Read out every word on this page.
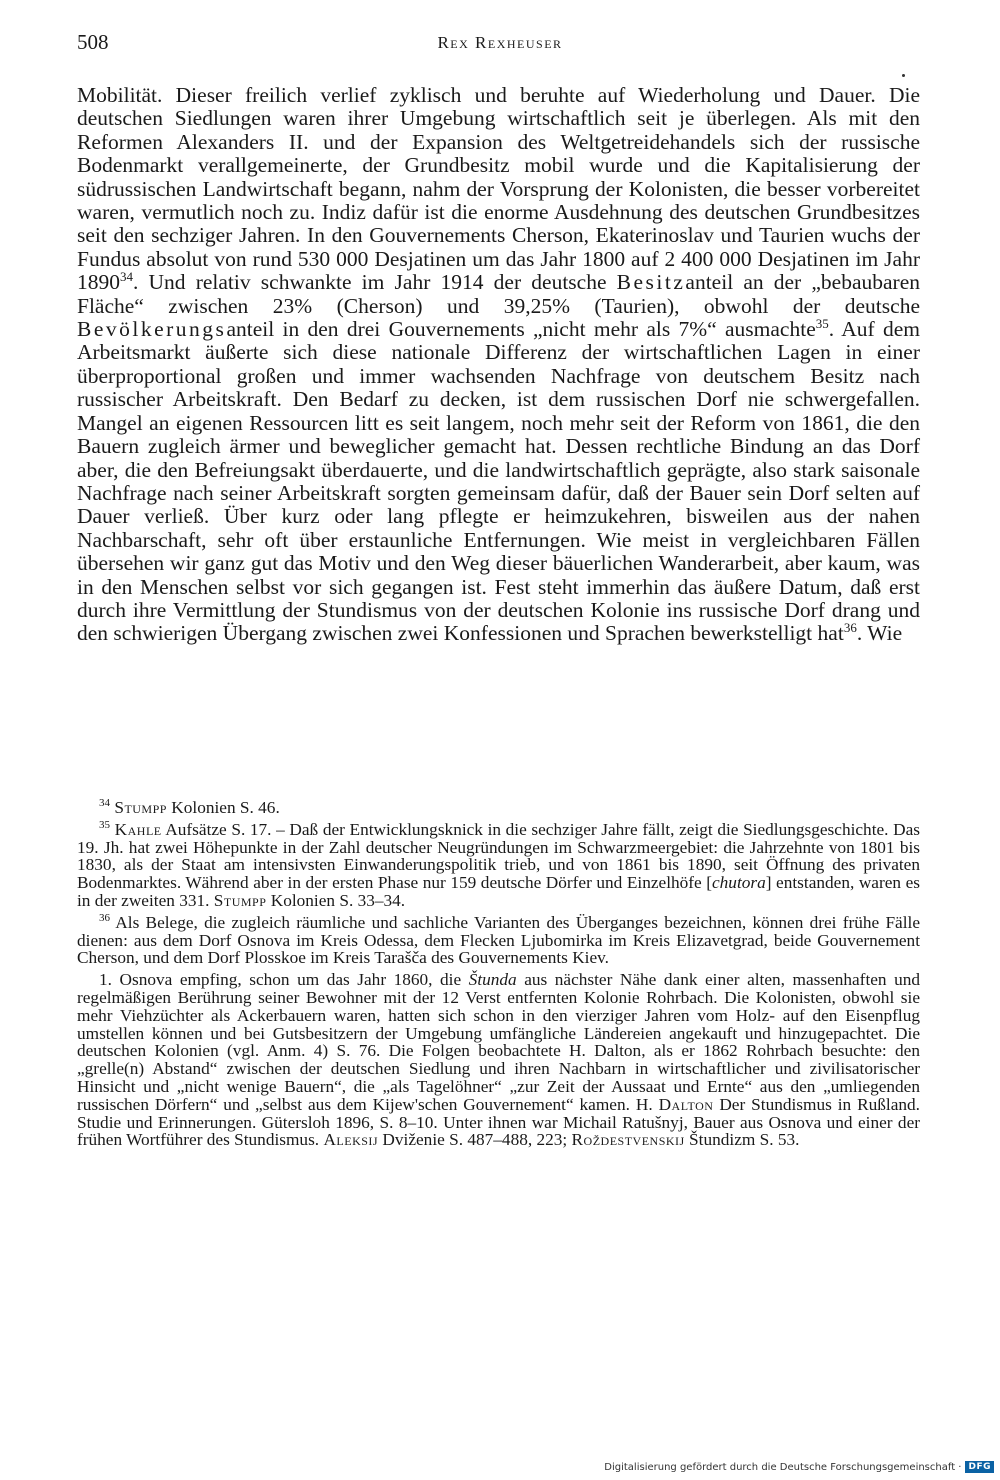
508	Rex Rexheuser

Mobilität. Dieser freilich verlief zyklisch und beruhte auf Wiederholung und Dauer. Die deutschen Siedlungen waren ihrer Umgebung wirtschaftlich seit je überlegen. Als mit den Reformen Alexanders II. und der Expansion des Weltgetreidehandels sich der russische Bodenmarkt verallgemeinerte, der Grundbesitz mobil wurde und die Kapitalisierung der südrussischen Landwirtschaft begann, nahm der Vorsprung der Kolonisten, die besser vorbereitet waren, vermutlich noch zu. Indiz dafür ist die enorme Ausdehnung des deutschen Grundbesitzes seit den sechziger Jahren. In den Gouvernements Cherson, Ekaterinoslav und Taurien wuchs der Fundus absolut von rund 530 000 Desjatinen um das Jahr 1800 auf 2 400 000 Desjatinen im Jahr 1890$^{34}$. Und relativ schwankte im Jahr 1914 der deutsche Besitzanteil an der „bebaubaren Fläche“ zwischen 23% (Cherson) und 39,25% (Taurien), obwohl der deutsche Bevölkerungsanteil in den drei Gouvernements „nicht mehr als 7%“ ausmachte$^{35}$. Auf dem Arbeitsmarkt äußerte sich diese nationale Differenz der wirtschaftlichen Lagen in einer überproportional großen und immer wachsenden Nachfrage von deutschem Besitz nach russischer Arbeitskraft. Den Bedarf zu decken, ist dem russischen Dorf nie schwergefallen. Mangel an eigenen Ressourcen litt es seit langem, noch mehr seit der Reform von 1861, die den Bauern zugleich ärmer und beweglicher gemacht hat. Dessen rechtliche Bindung an das Dorf aber, die den Befreiungsakt überdauerte, und die landwirtschaftlich geprägte, also stark saisonale Nachfrage nach seiner Arbeitskraft sorgten gemeinsam dafür, daß der Bauer sein Dorf selten auf Dauer verließ. Über kurz oder lang pflegte er heimzukehren, bisweilen aus der nahen Nachbarschaft, sehr oft über erstaunliche Entfernungen. Wie meist in vergleichbaren Fällen übersehen wir ganz gut das Motiv und den Weg dieser bäuerlichen Wanderarbeit, aber kaum, was in den Menschen selbst vor sich gegangen ist. Fest steht immerhin das äußere Datum, daß erst durch ihre Vermittlung der Stundismus von der deutschen Kolonie ins russische Dorf drang und den schwierigen Übergang zwischen zwei Konfessionen und Sprachen bewerkstelligt hat$^{36}$. Wie

$^{34}$ Stumpp Kolonien S. 46.

$^{35}$ Kahle Aufsätze S. 17. – Daß der Entwicklungsknick in die sechziger Jahre fällt, zeigt die Siedlungsgeschichte. Das 19. Jh. hat zwei Höhepunkte in der Zahl deutscher Neugründungen im Schwarzmeergebiet: die Jahrzehnte von 1801 bis 1830, als der Staat am intensivsten Einwanderungspolitik trieb, und von 1861 bis 1890, seit Öffnung des privaten Bodenmarktes. Während aber in der ersten Phase nur 159 deutsche Dörfer und Einzelhöfe [chutora] entstanden, waren es in der zweiten 331. Stumpp Kolonien S. 33–34.

$^{36}$ Als Belege, die zugleich räumliche und sachliche Varianten des Überganges bezeichnen, können drei frühe Fälle dienen: aus dem Dorf Osnova im Kreis Odessa, dem Flecken Ljubomirka im Kreis Elizavetgrad, beide Gouvernement Cherson, und dem Dorf Plosskoe im Kreis Tarašča des Gouvernements Kiev.

1. Osnova empfing, schon um das Jahr 1860, die Štunda aus nächster Nähe dank einer alten, massenhaften und regelmäßigen Berührung seiner Bewohner mit der 12 Verst entfernten Kolonie Rohrbach. Die Kolonisten, obwohl sie mehr Viehzüchter als Ackerbauern waren, hatten sich schon in den vierziger Jahren vom Holz- auf den Eisenpflug umstellen können und bei Gutsbesitzern der Umgebung umfängliche Ländereien angekauft und hinzugepachtet. Die deutschen Kolonien (vgl. Anm. 4) S. 76. Die Folgen beobachtete H. Dalton, als er 1862 Rohrbach besuchte: den „grelle(n) Abstand“ zwischen der deutschen Siedlung und ihren Nachbarn in wirtschaftlicher und zivilisatorischer Hinsicht und „nicht wenige Bauern“, die „als Tagelöhner“ „zur Zeit der Aussaat und Ernte“ aus den „umliegenden russischen Dörfern“ und „selbst aus dem Kijew'schen Gouvernement“ kamen. H. Dalton Der Stundismus in Rußland. Studie und Erinnerungen. Gütersloh 1896, S. 8–10. Unter ihnen war Michail Ratušnyj, Bauer aus Osnova und einer der frühen Wortführer des Stundismus. Aleksij Dviženie S. 487–488, 223; Roždestvenskij Štundizm S. 53.

Digitalisierung gefördert durch die Deutsche Forschungsgemeinschaft · DFG
